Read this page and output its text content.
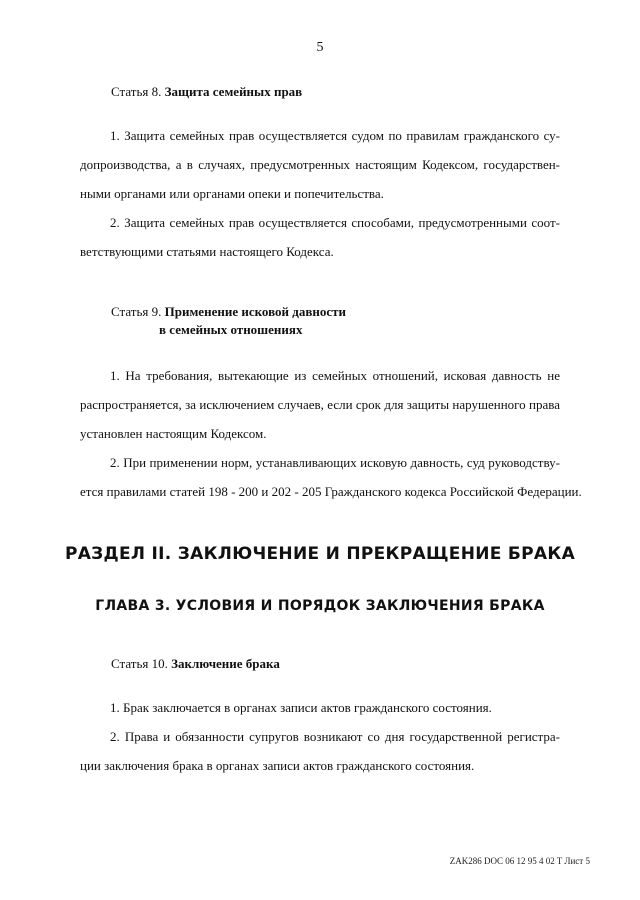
5
Статья 8. Защита семейных прав
1. Защита семейных прав осуществляется судом по правилам гражданского су-
допроизводства, а в случаях, предусмотренных настоящим Кодексом, государствен-
ными органами или органами опеки и попечительства.
2. Защита семейных прав осуществляется способами, предусмотренными соот-
ветствующими статьями настоящего Кодекса.
Статья 9. Применение исковой давности
в семейных отношениях
1. На требования, вытекающие из семейных отношений, исковая давность не
распространяется, за исключением случаев, если срок для защиты нарушенного права
установлен настоящим Кодексом.
2. При применении норм, устанавливающих исковую давность, суд руководству-
ется правилами статей 198 - 200 и 202 - 205 Гражданского кодекса Российской Федерации.
РАЗДЕЛ II. ЗАКЛЮЧЕНИЕ И ПРЕКРАЩЕНИЕ БРАКА
ГЛАВА 3. УСЛОВИЯ И ПОРЯДОК ЗАКЛЮЧЕНИЯ БРАКА
Статья 10. Заключение брака
1. Брак заключается в органах записи актов гражданского состояния.
2. Права и обязанности супругов возникают со дня государственной регистра-
ции заключения брака в органах записи актов гражданского состояния.
ZAK286 DOC 06 12 95 4 02 T Лист 5
